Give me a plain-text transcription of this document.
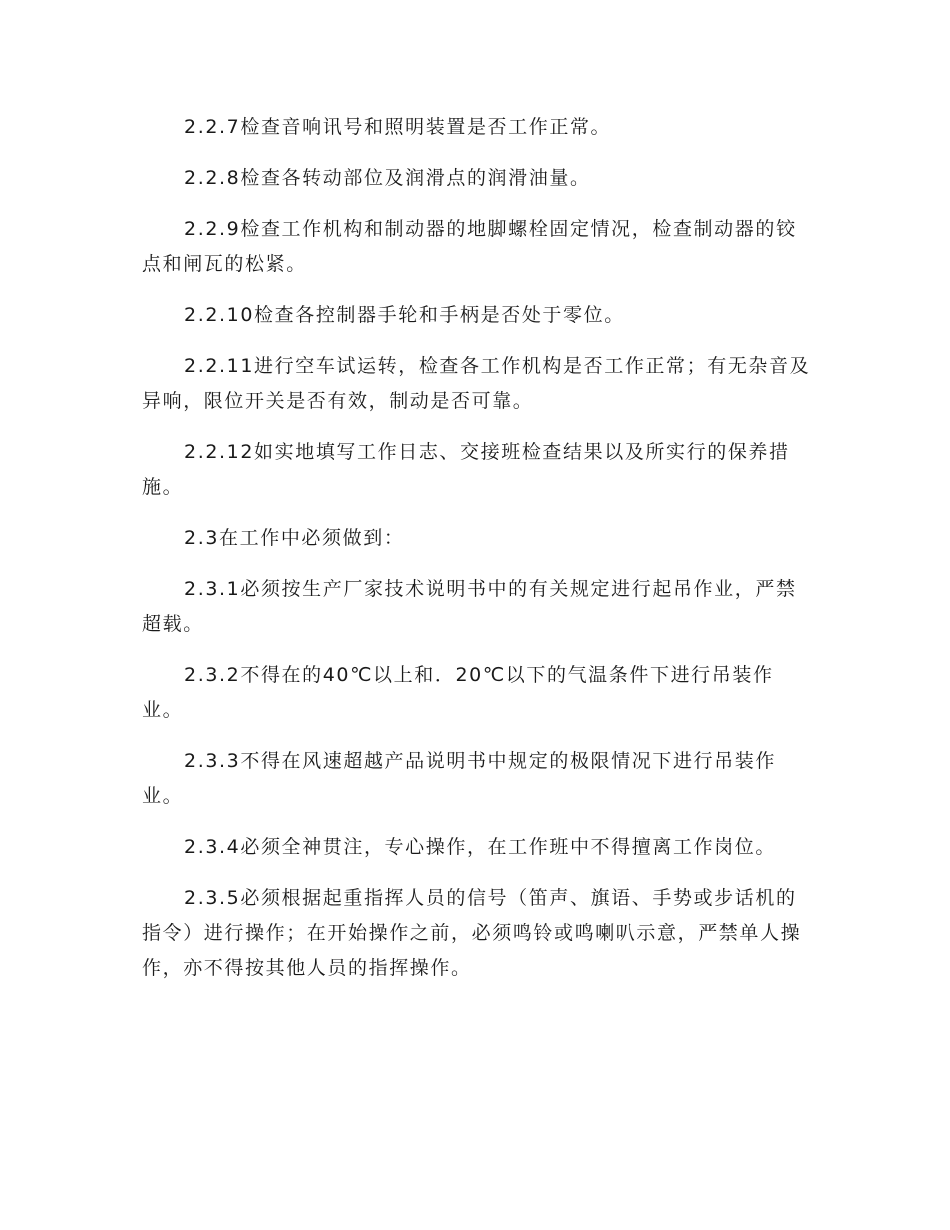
2.2.7检查音响讯号和照明装置是否工作正常。

2.2.8检查各转动部位及润滑点的润滑油量。

2.2.9检查工作机构和制动器的地脚螺栓固定情况，检查制动器的铰点和闸瓦的松紧。

2.2.10检查各控制器手轮和手柄是否处于零位。

2.2.11进行空车试运转，检查各工作机构是否工作正常；有无杂音及异响，限位开关是否有效，制动是否可靠。

2.2.12如实地填写工作日志、交接班检查结果以及所实行的保养措施。

2.3在工作中必须做到：

2.3.1必须按生产厂家技术说明书中的有关规定进行起吊作业，严禁超载。

2.3.2不得在的40℃以上和．20℃以下的气温条件下进行吊装作业。

2.3.3不得在风速超越产品说明书中规定的极限情况下进行吊装作业。

2.3.4必须全神贯注，专心操作，在工作班中不得擅离工作岗位。

2.3.5必须根据起重指挥人员的信号（笛声、旗语、手势或步话机的指令）进行操作；在开始操作之前，必须鸣铃或鸣喇叭示意，严禁单人操作，亦不得按其他人员的指挥操作。
